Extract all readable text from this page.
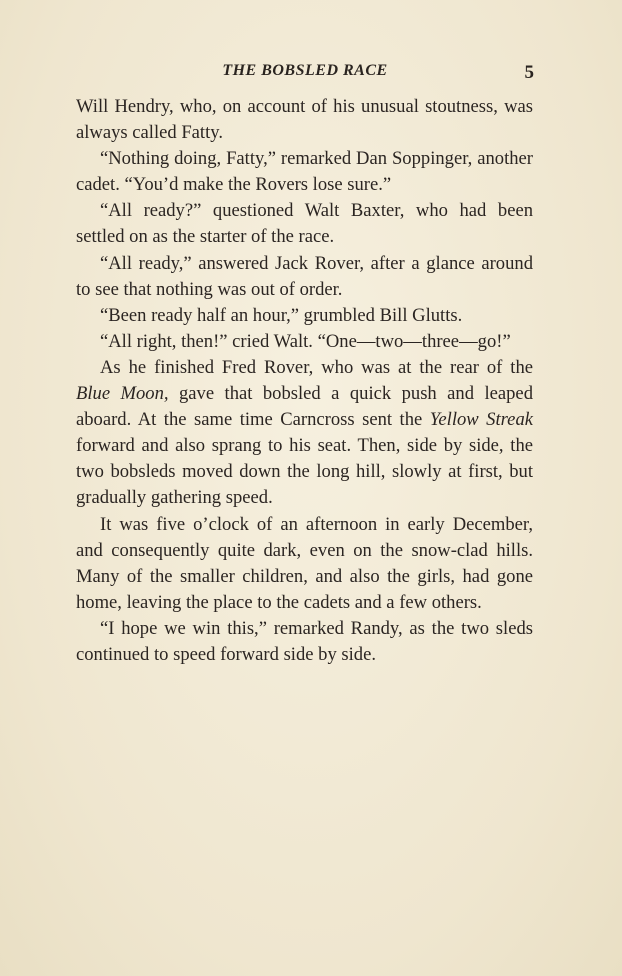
THE BOBSLED RACE	5

Will Hendry, who, on account of his unusual stoutness, was always called Fatty.

“Nothing doing, Fatty,” remarked Dan Soppinger, another cadet. “You’d make the Rovers lose sure.”

“All ready?” questioned Walt Baxter, who had been settled on as the starter of the race.

“All ready,” answered Jack Rover, after a glance around to see that nothing was out of order.

“Been ready half an hour,” grumbled Bill Glutts.

“All right, then!” cried Walt. “One—two—three—go!”

As he finished Fred Rover, who was at the rear of the Blue Moon, gave that bobsled a quick push and leaped aboard. At the same time Carncross sent the Yellow Streak forward and also sprang to his seat. Then, side by side, the two bobsleds moved down the long hill, slowly at first, but gradually gathering speed.

It was five o’clock of an afternoon in early December, and consequently quite dark, even on the snow-clad hills. Many of the smaller children, and also the girls, had gone home, leaving the place to the cadets and a few others.

“I hope we win this,” remarked Randy, as the two sleds continued to speed forward side by side.
